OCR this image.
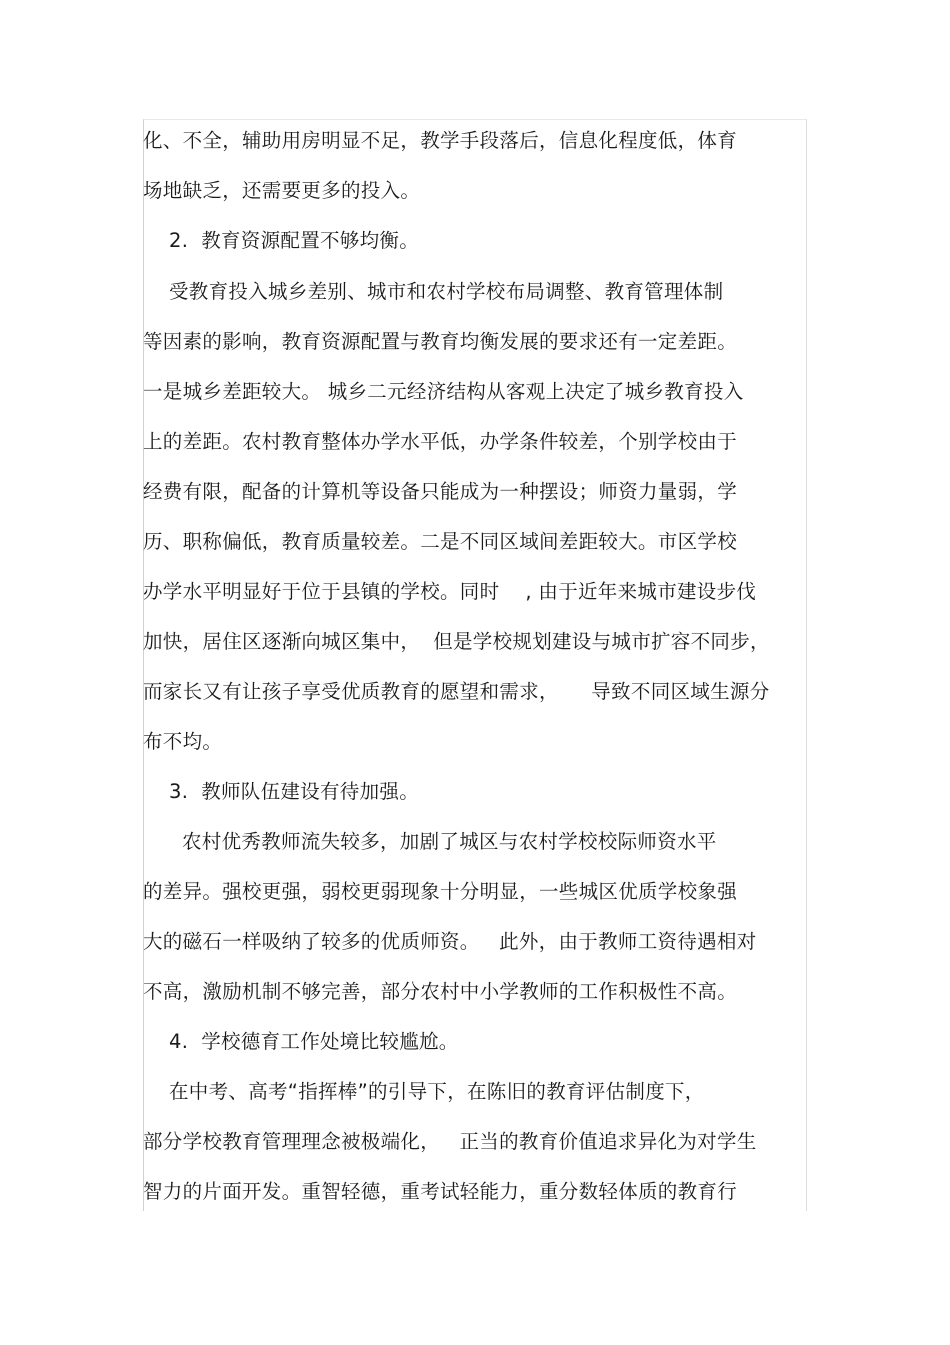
化、不全，辅助用房明显不足，教学手段落后，信息化程度低，体育
场地缺乏，还需要更多的投入。
2.  教育资源配置不够均衡。
受教育投入城乡差别、城市和农村学校布局调整、教育管理体制
等因素的影响，教育资源配置与教育均衡发展的要求还有一定差距。
一是城乡差距较大。 城乡二元经济结构从客观上决定了城乡教育投入
上的差距。农村教育整体办学水平低，办学条件较差，个别学校由于
经费有限，配备的计算机等设备只能成为一种摆设；师资力量弱，学
历、职称偏低，教育质量较差。二是不同区域间差距较大。市区学校
办学水平明显好于位于县镇的学校。同时    , 由于近年来城市建设步伐
加快，居住区逐渐向城区集中，  但是学校规划建设与城市扩容不同步，
而家长又有让孩子享受优质教育的愿望和需求，     导致不同区域生源分
布不均。
3.  教师队伍建设有待加强。
农村优秀教师流失较多，加剧了城区与农村学校校际师资水平
的差异。强校更强，弱校更弱现象十分明显，一些城区优质学校象强
大的磁石一样吸纳了较多的优质师资。   此外，由于教师工资待遇相对
不高，激励机制不够完善，部分农村中小学教师的工作积极性不高。
4.  学校德育工作处境比较尴尬。
在中考、高考“指挥棒”的引导下，在陈旧的教育评估制度下，
部分学校教育管理理念被极端化，   正当的教育价值追求异化为对学生
智力的片面开发。重智轻德，重考试轻能力，重分数轻体质的教育行
